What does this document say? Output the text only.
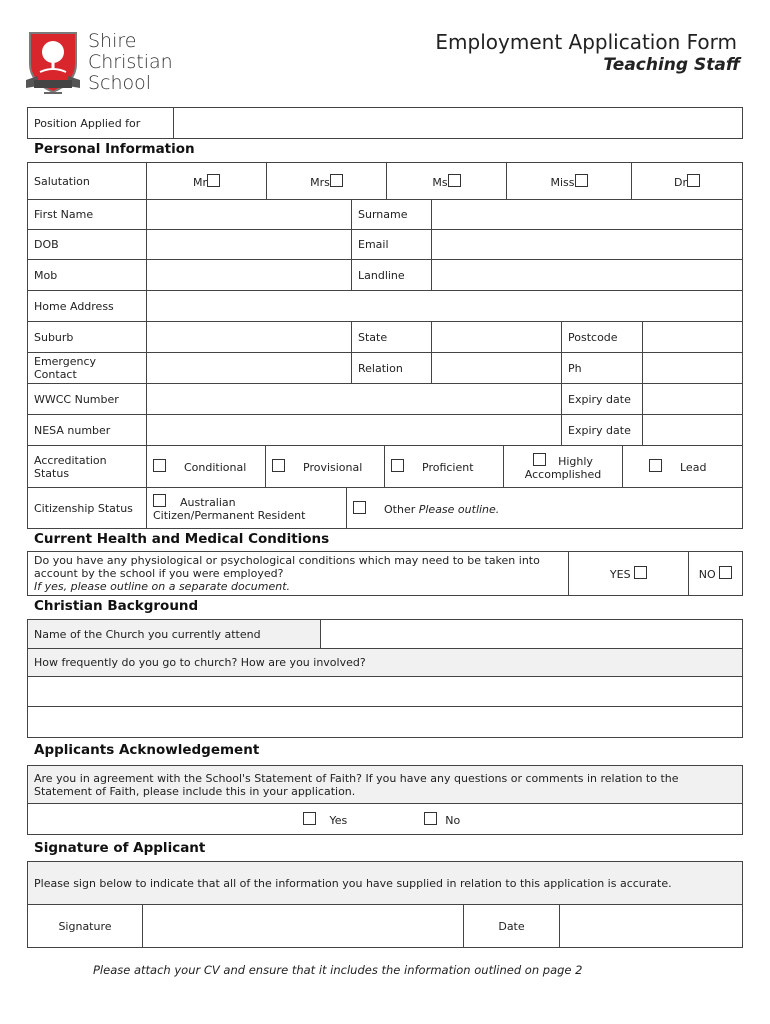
Shire
Christian
School
Employment Application Form
Teaching Staff
Position Applied for	
Personal Information
Salutation	Mr	Mrs	Ms	Miss	Dr
First Name		Surname			
DOB		Email			
Mob		Landline			
Home Address					
Suburb		State		Postcode	
Emergency Contact		Relation		Ph	
WWCC Number				Expiry date	
NESA number				Expiry date	
Accreditation Status	Conditional	Provisional	Proficient	Highly Accomplished	Lead
Citizenship Status	Australian Citizen/Permanent Resident	Other Please outline.
Current Health and Medical Conditions
Do you have any physiological or psychological conditions which may need to be taken into account by the school if you were employed?
If yes, please outline on a separate document.
	YES	NO
Christian Background
Name of the Church you currently attend	
How frequently do you go to church? How are you involved?

Applicants Acknowledgement
Are you in agreement with the School's Statement of Faith? If you have any questions or comments in relation to the Statement of Faith, please include this in your application.
Yes	No
Signature of Applicant
Please sign below to indicate that all of the information you have supplied in relation to this application is accurate.
Signature		Date	
Please attach your CV and ensure that it includes the information outlined on page 2
